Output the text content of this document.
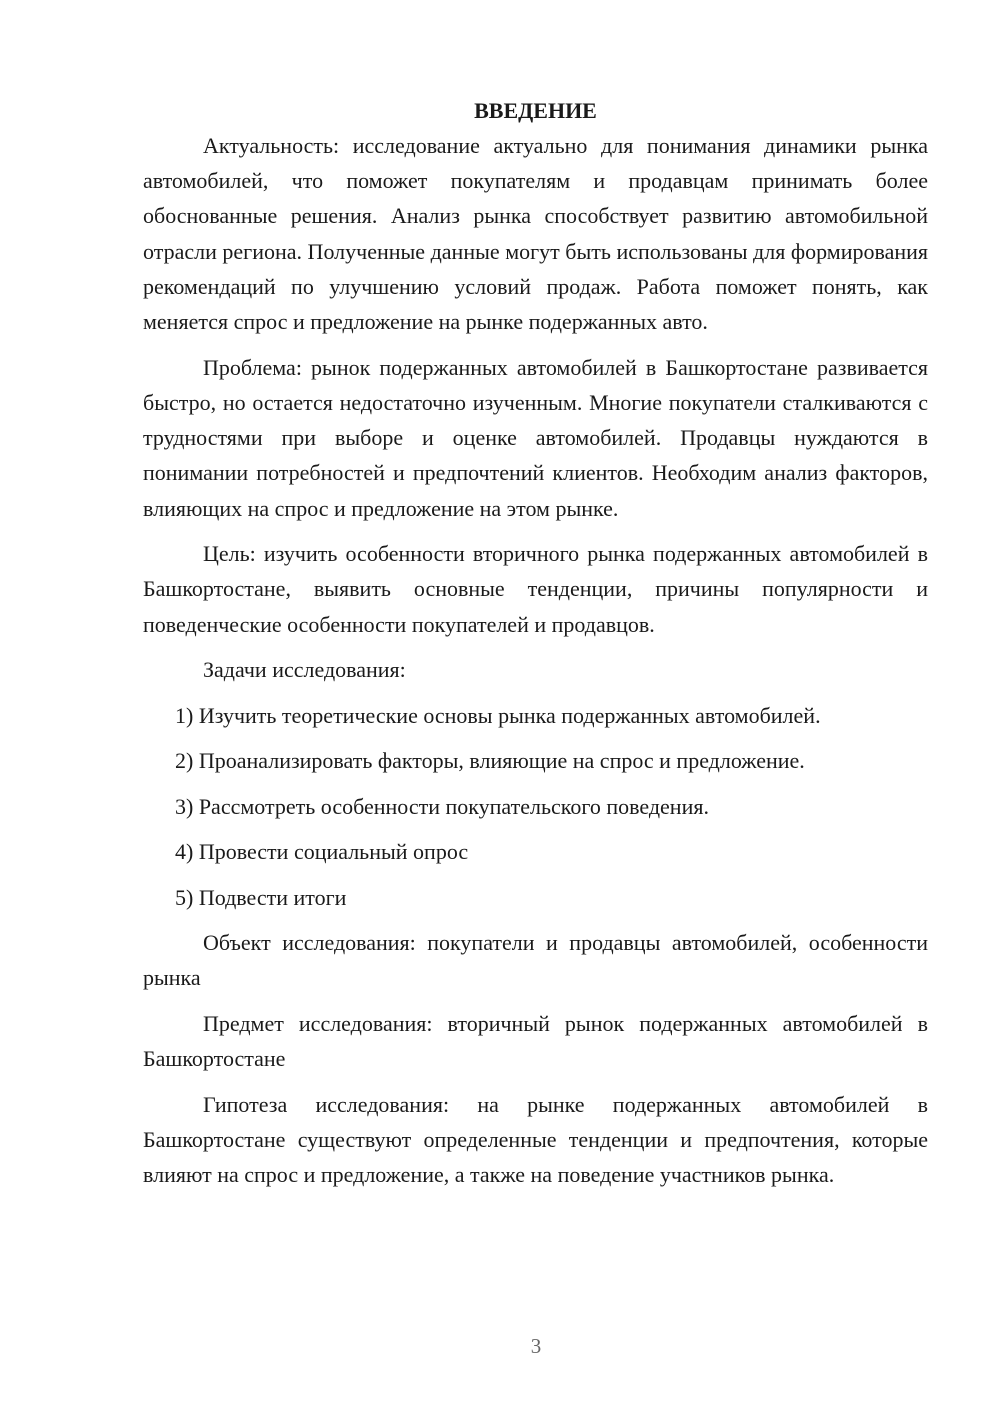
ВВЕДЕНИЕ

Актуальность: исследование актуально для понимания динамики рынка автомобилей, что поможет покупателям и продавцам принимать более обоснованные решения. Анализ рынка способствует развитию автомобильной отрасли региона. Полученные данные могут быть использованы для формирования рекомендаций по улучшению условий продаж. Работа поможет понять, как меняется спрос и предложение на рынке подержанных авто.

Проблема: рынок подержанных автомобилей в Башкортостане развивается быстро, но остается недостаточно изученным. Многие покупатели сталкиваются с трудностями при выборе и оценке автомобилей. Продавцы нуждаются в понимании потребностей и предпочтений клиентов. Необходим анализ факторов, влияющих на спрос и предложение на этом рынке.

Цель: изучить особенности вторичного рынка подержанных автомобилей в Башкортостане, выявить основные тенденции, причины популярности и поведенческие особенности покупателей и продавцов.

Задачи исследования:

1) Изучить теоретические основы рынка подержанных автомобилей.
2) Проанализировать факторы, влияющие на спрос и предложение.
3) Рассмотреть особенности покупательского поведения.
4) Провести социальный опрос
5) Подвести итоги

Объект исследования: покупатели и продавцы автомобилей, особенности рынка

Предмет исследования: вторичный рынок подержанных автомобилей в Башкортостане

Гипотеза исследования: на рынке подержанных автомобилей в Башкортостане существуют определенные тенденции и предпочтения, которые влияют на спрос и предложение, а также на поведение участников рынка.

3
